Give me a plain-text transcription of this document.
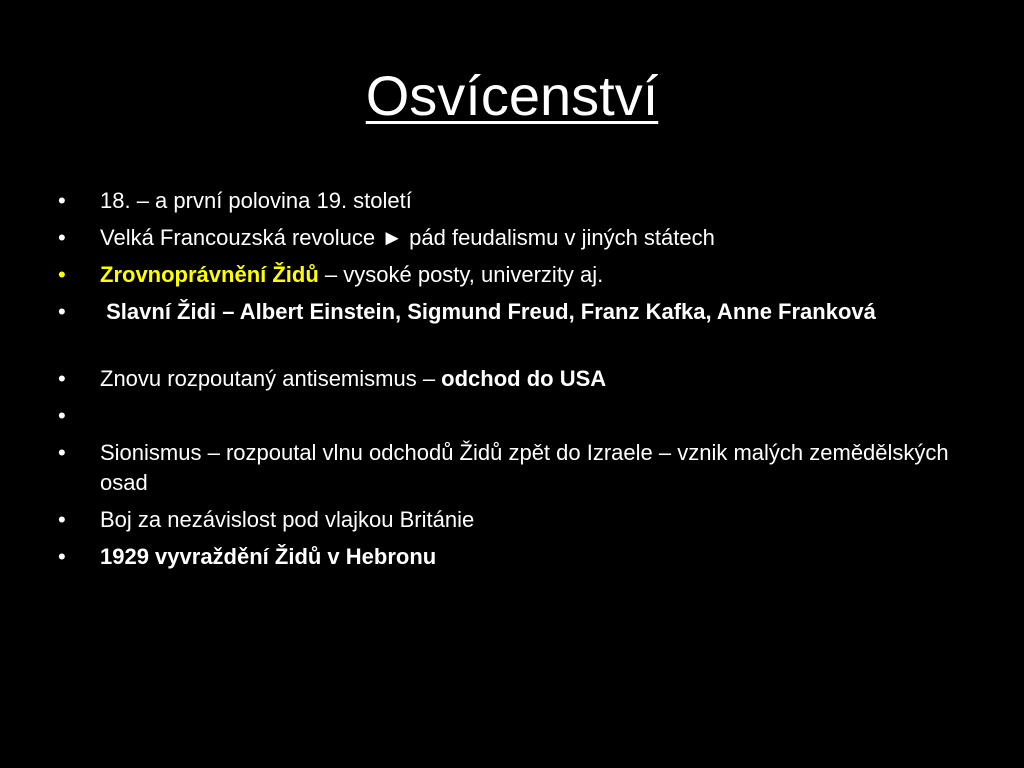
Osvícenství
•	18. – a první polovina 19. století
•	Velká Francouzská revoluce ► pád feudalismu v jiných státech
•	Zrovnoprávnění Židů – vysoké posty, univerzity aj.
•	Slavní Židi – Albert Einstein, Sigmund Freud, Franz Kafka, Anne Franková
•	Znovu rozpoutaný antisemismus – odchod do USA
•

•	Sionismus – rozpoutal vlnu odchodů Židů zpět do Izraele – vznik malých zemědělských osad
•	Boj za nezávislost pod vlajkou Británie
•	1929 vyvraždění Židů v Hebronu
